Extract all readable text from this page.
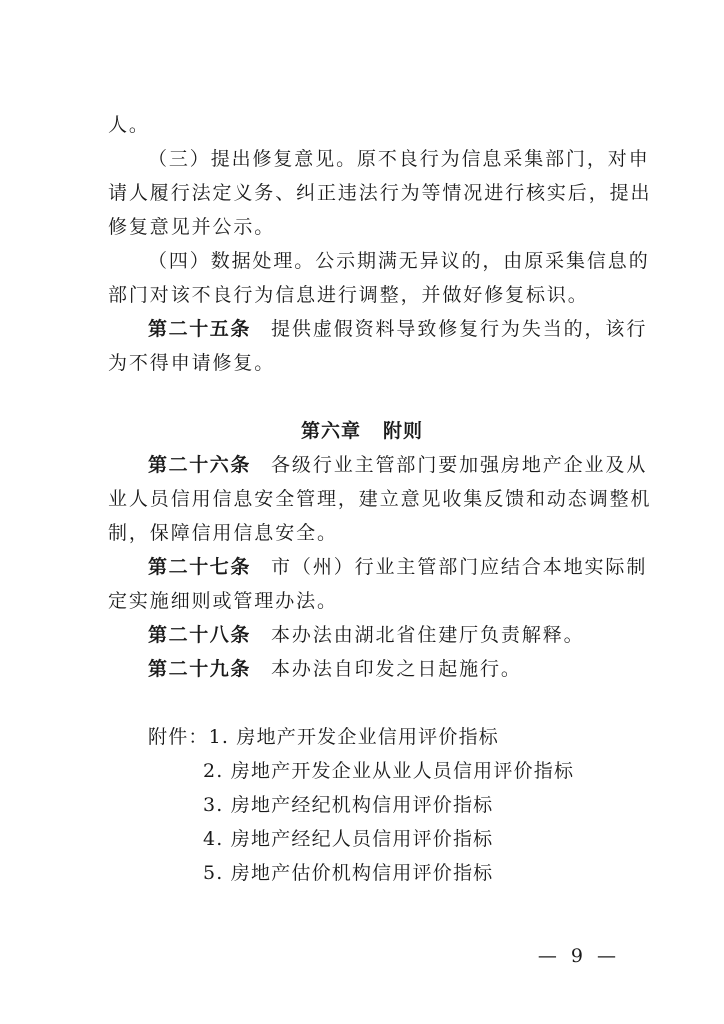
人。
（三）提出修复意见。原不良行为信息采集部门，对申
请人履行法定义务、纠正违法行为等情况进行核实后，提出
修复意见并公示。
（四）数据处理。公示期满无异议的，由原采集信息的
部门对该不良行为信息进行调整，并做好修复标识。
第二十五条 提供虚假资料导致修复行为失当的，该行
为不得申请修复。
第六章 附则
第二十六条 各级行业主管部门要加强房地产企业及从
业人员信用信息安全管理，建立意见收集反馈和动态调整机
制，保障信用信息安全。
第二十七条 市（州）行业主管部门应结合本地实际制
定实施细则或管理办法。
第二十八条 本办法由湖北省住建厅负责解释。
第二十九条 本办法自印发之日起施行。
附件：1. 房地产开发企业信用评价指标
2. 房地产开发企业从业人员信用评价指标
3. 房地产经纪机构信用评价指标
4. 房地产经纪人员信用评价指标
5. 房地产估价机构信用评价指标
— 9 —
